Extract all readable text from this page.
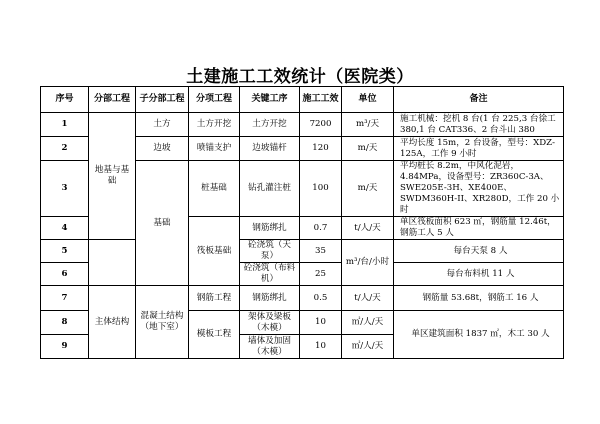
土建施工工效统计（医院类）
序号	分部工程	子分部工程	分项工程	关键工序	施工工效	单位	备注
1	地基与基础	土方	土方开挖	土方开挖	7200	m³/天	施工机械：挖机 8 台(1 台 225,3 台徐工 380,1 台 CAT336、2 台斗山 380
2		边坡	喷锚支护	边坡锚杆	120	m/天	平均长度 15m，2 台设备，型号：XDZ-125A，工作 9 小时
3		基础	桩基础	钻孔灌注桩	100	m/天	平均桩长 8.2m，中风化泥岩，4.84MPa，设备型号：ZR360C-3A、SWE205E-3H、XE400E、SWDM360H-II、XR280D，工作 20 小时
4			筏板基础	钢筋绑扎	0.7	t/人/天	单区筏板面积 623 ㎡，钢筋量 12.46t，钢筋工人 5 人
5				砼浇筑（天泵）	35	m³/台/小时	每台天泵 8 人
6				砼浇筑（布料机）	25		每台布料机 11 人
7	主体结构	混凝土结构（地下室）	钢筋工程	钢筋绑扎	0.5	t/人/天	钢筋量 53.68t，钢筋工 16 人
8			模板工程	架体及梁板（木模）	10	㎡/人/天	单区建筑面积 1837 ㎡，木工 30 人
9				墙体及加固（木模）	10	㎡/人/天	
